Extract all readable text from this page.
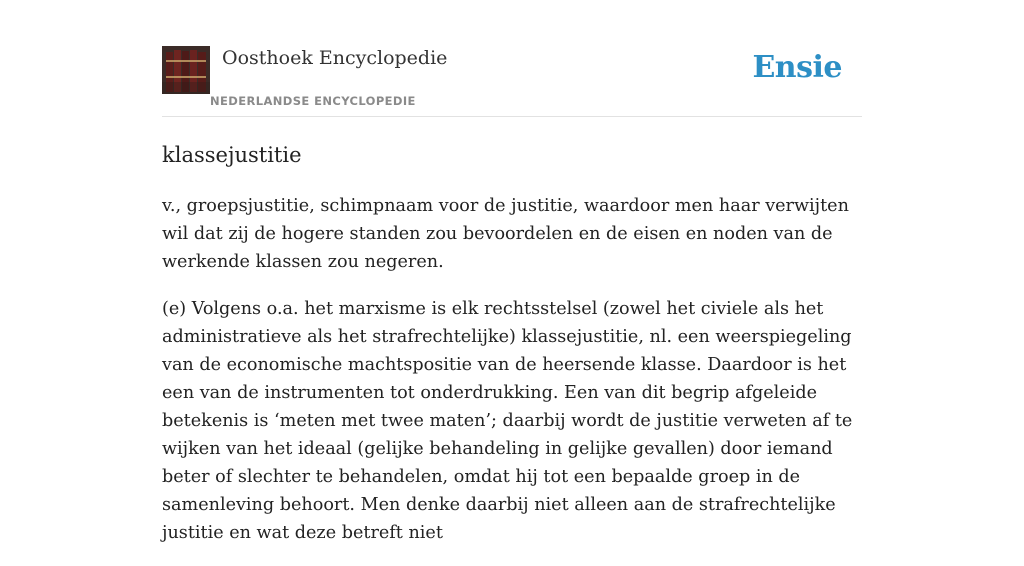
Oosthoek Encyclopedie
NEDERLANDSE ENCYCLOPEDIE
Ensie
klassejustitie

v., groepsjustitie, schimpnaam voor de justitie, waardoor men haar verwijten wil dat zij de hogere standen zou bevoordelen en de eisen en noden van de werkende klassen zou negeren.

(e) Volgens o.a. het marxisme is elk rechtsstelsel (zowel het civiele als het administratieve als het strafrechtelijke) klassejustitie, nl. een weerspiegeling van de economische machtspositie van de heersende klasse. Daardoor is het een van de instrumenten tot onderdrukking. Een van dit begrip afgeleide betekenis is ‘meten met twee maten’; daarbij wordt de justitie verweten af te wijken van het ideaal (gelijke behandeling in gelijke gevallen) door iemand beter of slechter te behandelen, omdat hij tot een bepaalde groep in de samenleving behoort. Men denke daarbij niet alleen aan de strafrechtelijke justitie en wat deze betreft niet
